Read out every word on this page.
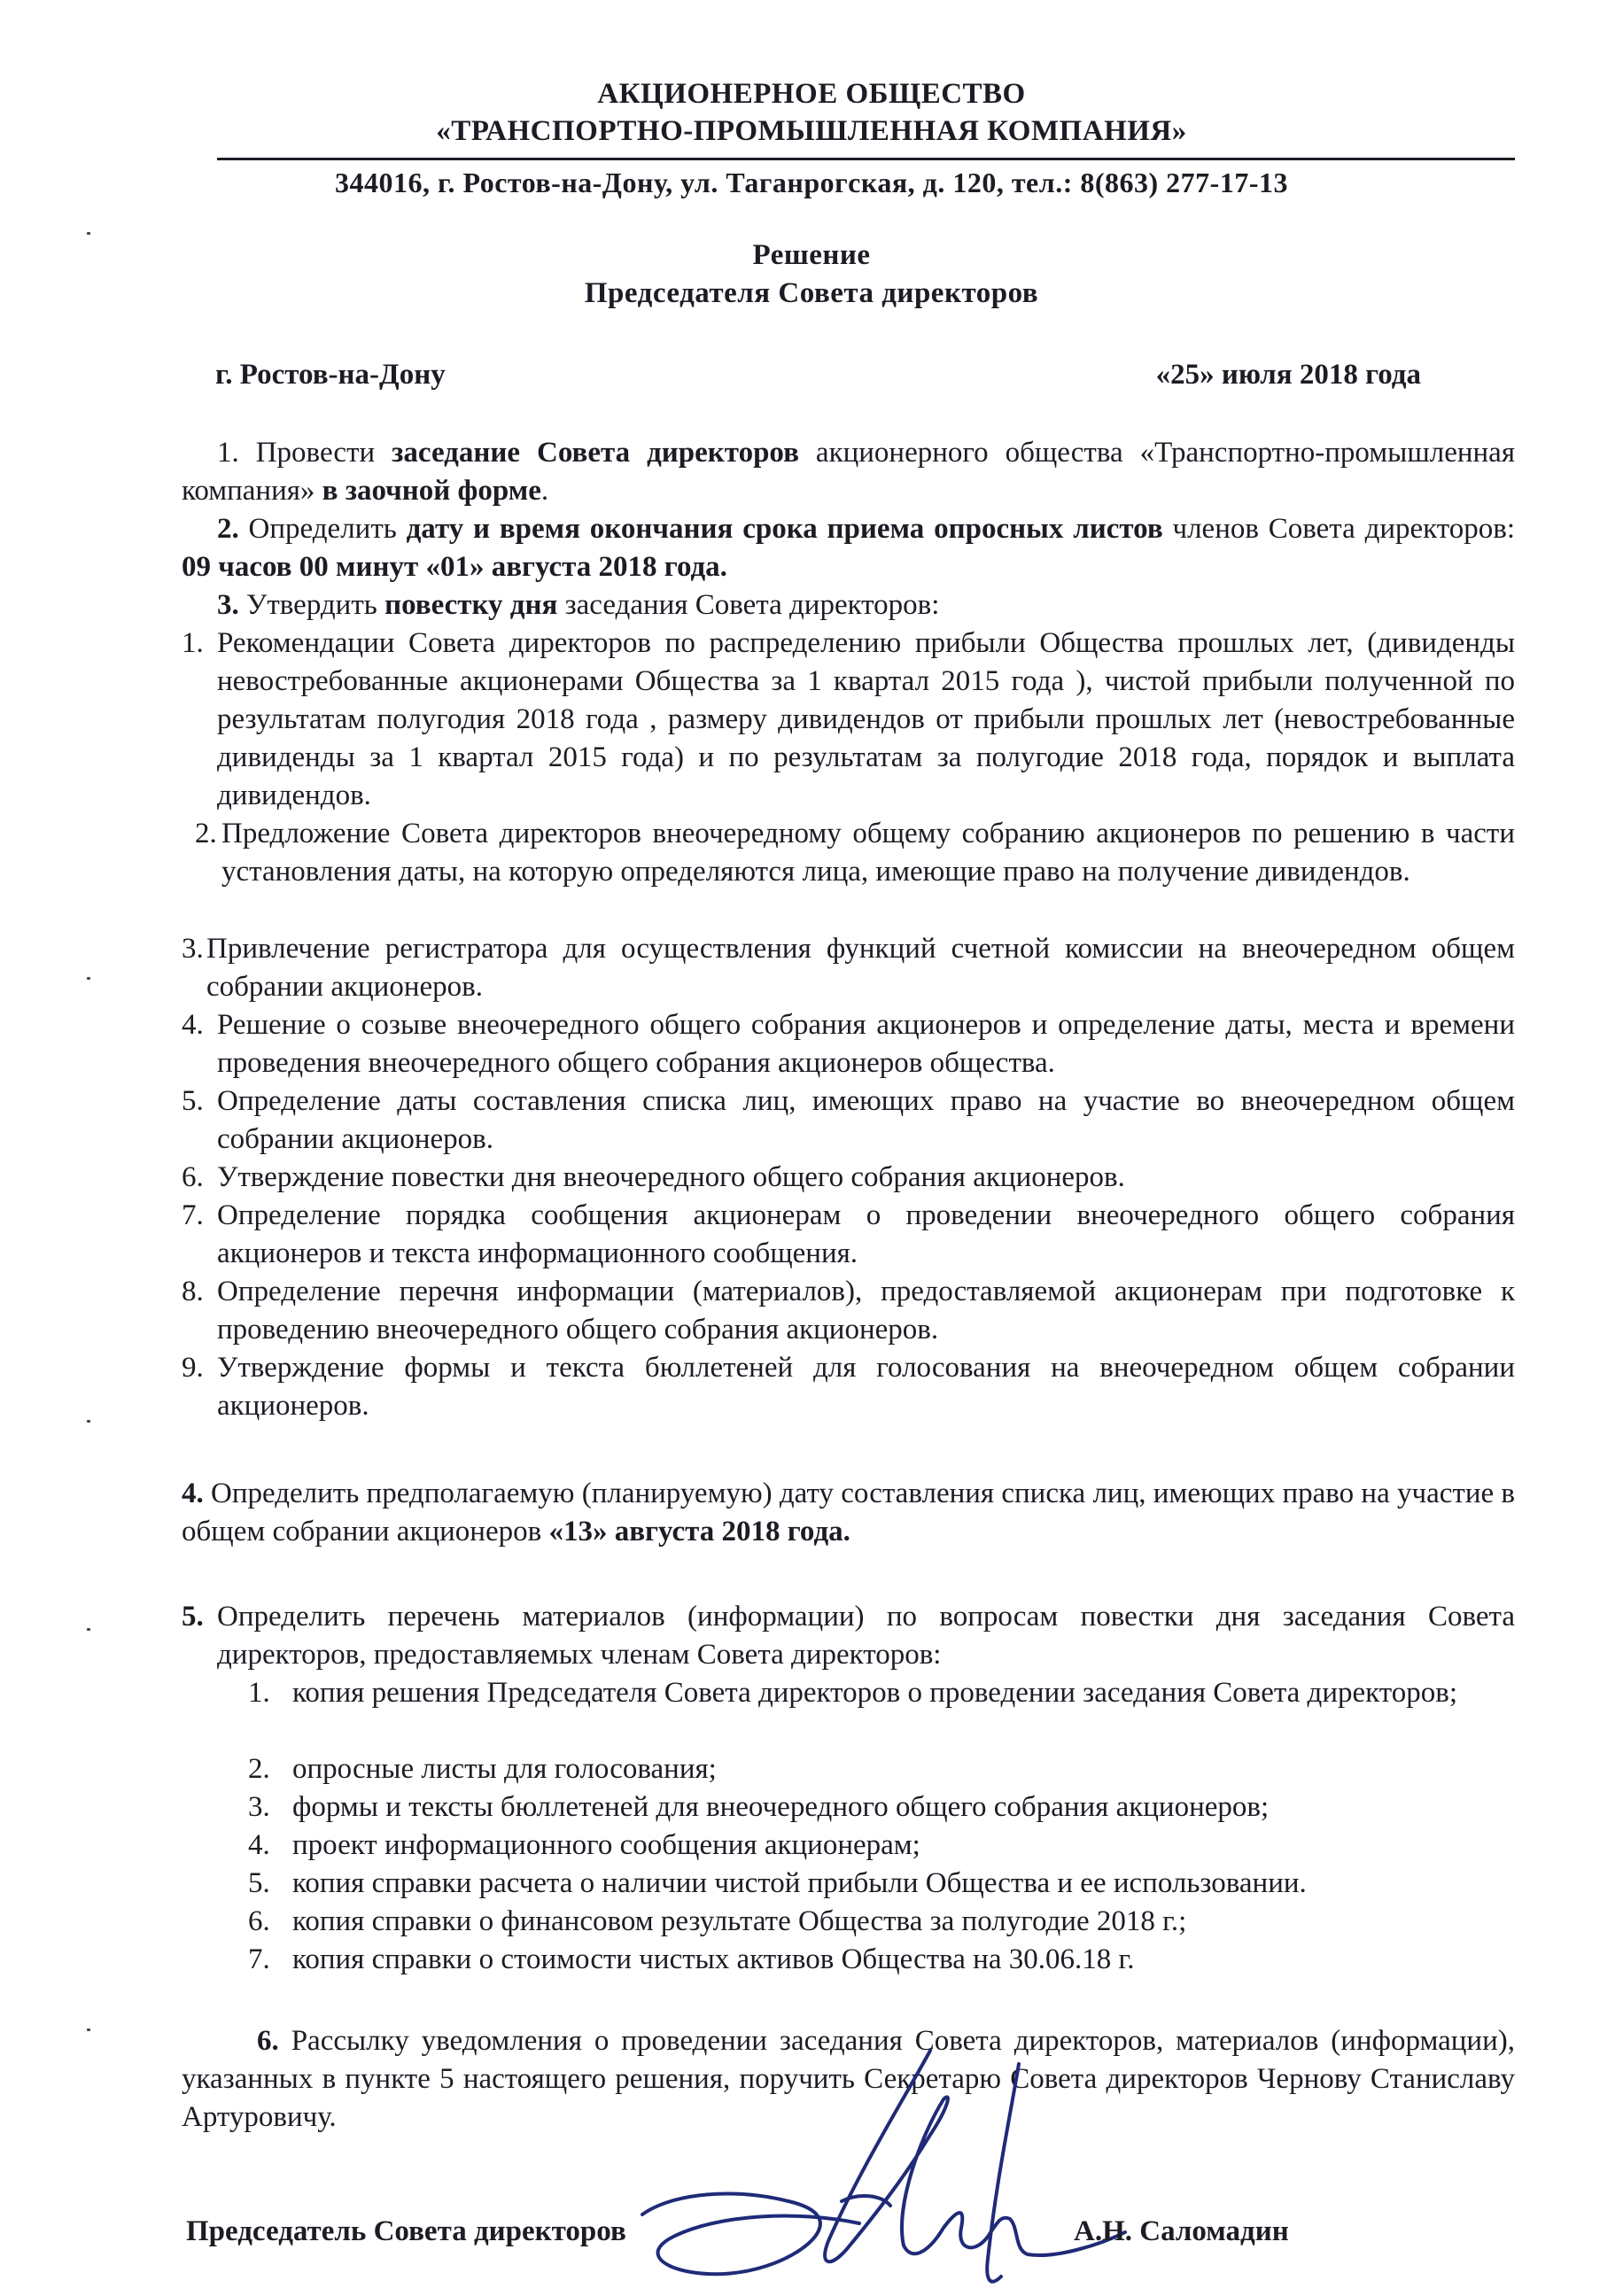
АКЦИОНЕРНОЕ ОБЩЕСТВО
«ТРАНСПОРТНО-ПРОМЫШЛЕННАЯ КОМПАНИЯ»
344016, г. Ростов-на-Дону, ул. Таганрогская, д. 120, тел.: 8(863) 277-17-13
Решение
Председателя Совета директоров
г. Ростов-на-Дону	«25» июля 2018 года
1. Провести заседание Совета директоров акционерного общества «Транспортно-промышленная компания» в заочной форме.
2. Определить дату и время окончания срока приема опросных листов членов Совета директоров: 09 часов 00 минут «01» августа 2018 года.
3. Утвердить повестку дня заседания Совета директоров:
1. Рекомендации Совета директоров по распределению прибыли Общества прошлых лет, (дивиденды невостребованные акционерами Общества за 1 квартал 2015 года ), чистой прибыли полученной по результатам полугодия 2018 года , размеру дивидендов от прибыли прошлых лет (невостребованные дивиденды за 1 квартал 2015 года) и по результатам за полугодие 2018 года, порядок и выплата дивидендов.
2. Предложение Совета директоров внеочередному общему собранию акционеров по решению в части установления даты, на которую определяются лица, имеющие право на получение дивидендов.
3. Привлечение регистратора для осуществления функций счетной комиссии на внеочередном общем собрании акционеров.
4. Решение о созыве внеочередного общего собрания акционеров и определение даты, места и времени проведения внеочередного общего собрания акционеров общества.
5. Определение даты составления списка лиц, имеющих право на участие во внеочередном общем собрании акционеров.
6. Утверждение повестки дня внеочередного общего собрания акционеров.
7. Определение порядка сообщения акционерам о проведении внеочередного общего собрания акционеров и текста информационного сообщения.
8. Определение перечня информации (материалов), предоставляемой акционерам при подготовке к проведению внеочередного общего собрания акционеров.
9. Утверждение формы и текста бюллетеней для голосования на внеочередном общем собрании акционеров.
4. Определить предполагаемую (планируемую) дату составления списка лиц, имеющих право на участие в общем собрании акционеров «13» августа 2018 года.
5. Определить перечень материалов (информации) по вопросам повестки дня заседания Совета директоров, предоставляемых членам Совета директоров:
1. копия решения Председателя Совета директоров о проведении заседания Совета директоров;
2. опросные листы для голосования;
3. формы и тексты бюллетеней для внеочередного общего собрания акционеров;
4. проект информационного сообщения акционерам;
5. копия справки расчета о наличии чистой прибыли Общества и ее использовании.
6. копия справки о финансовом результате Общества за полугодие 2018 г.;
7. копия справки о стоимости чистых активов Общества на 30.06.18 г.
6. Рассылку уведомления о проведении заседания Совета директоров, материалов (информации), указанных в пункте 5 настоящего решения, поручить Секретарю Совета директоров Чернову Станиславу Артуровичу.
Председатель Совета директоров	А.Н. Саломадин
